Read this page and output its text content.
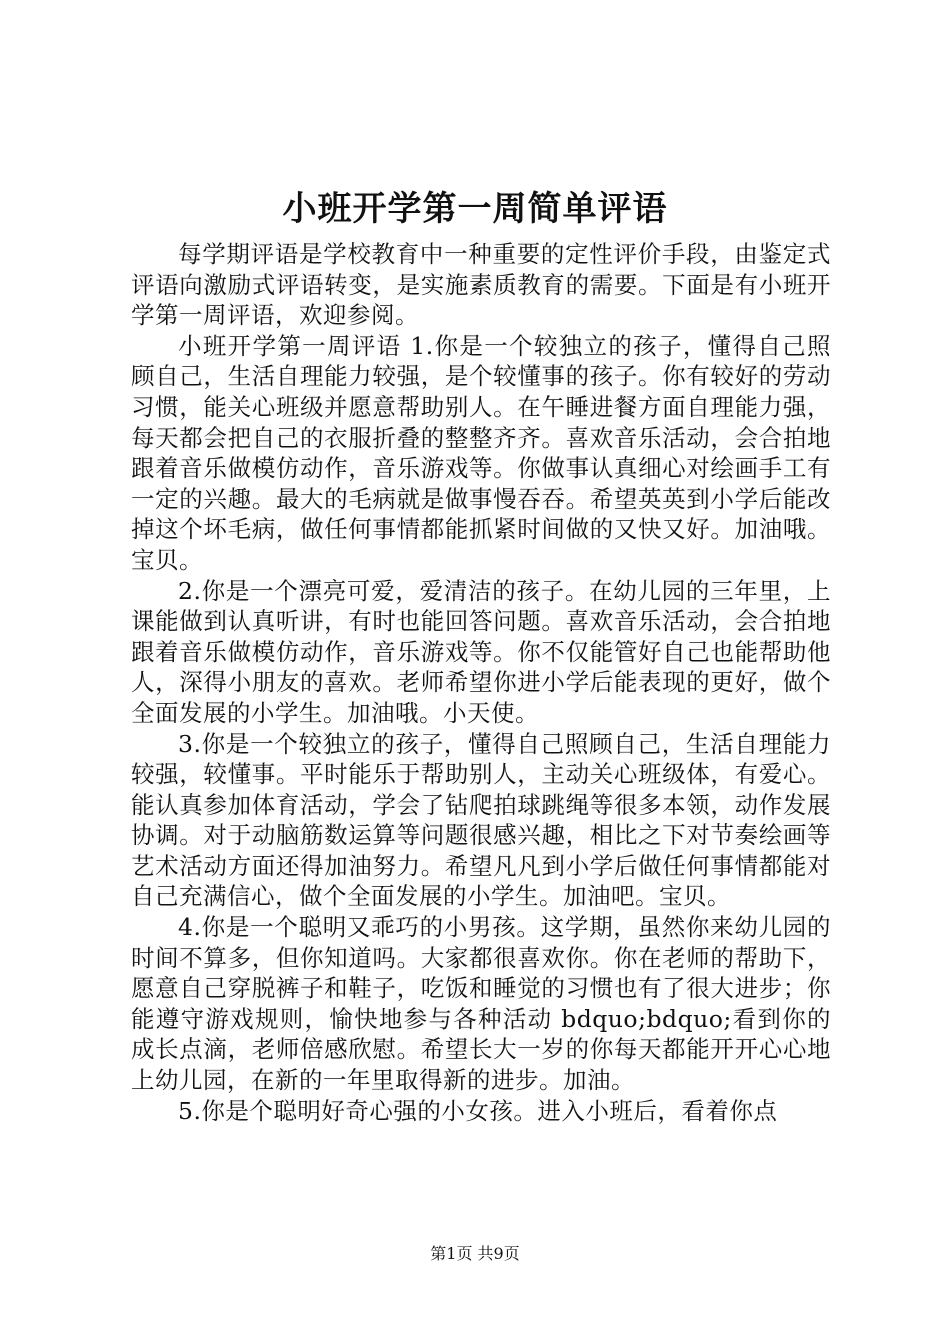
小班开学第一周简单评语

每学期评语是学校教育中一种重要的定性评价手段，由鉴定式评语向激励式评语转变，是实施素质教育的需要。下面是有小班开学第一周评语，欢迎参阅。

小班开学第一周评语 1.你是一个较独立的孩子，懂得自己照顾自己，生活自理能力较强，是个较懂事的孩子。你有较好的劳动习惯，能关心班级并愿意帮助别人。在午睡进餐方面自理能力强，每天都会把自己的衣服折叠的整整齐齐。喜欢音乐活动，会合拍地跟着音乐做模仿动作，音乐游戏等。你做事认真细心对绘画手工有一定的兴趣。最大的毛病就是做事慢吞吞。希望英英到小学后能改掉这个坏毛病，做任何事情都能抓紧时间做的又快又好。加油哦。宝贝。

2.你是一个漂亮可爱，爱清洁的孩子。在幼儿园的三年里，上课能做到认真听讲，有时也能回答问题。喜欢音乐活动，会合拍地跟着音乐做模仿动作，音乐游戏等。你不仅能管好自己也能帮助他人，深得小朋友的喜欢。老师希望你进小学后能表现的更好，做个全面发展的小学生。加油哦。小天使。

3.你是一个较独立的孩子，懂得自己照顾自己，生活自理能力较强，较懂事。平时能乐于帮助别人，主动关心班级体，有爱心。能认真参加体育活动，学会了钻爬拍球跳绳等很多本领，动作发展协调。对于动脑筋数运算等问题很感兴趣，相比之下对节奏绘画等艺术活动方面还得加油努力。希望凡凡到小学后做任何事情都能对自己充满信心，做个全面发展的小学生。加油吧。宝贝。

4.你是一个聪明又乖巧的小男孩。这学期，虽然你来幼儿园的时间不算多，但你知道吗。大家都很喜欢你。你在老师的帮助下，愿意自己穿脱裤子和鞋子，吃饭和睡觉的习惯也有了很大进步；你能遵守游戏规则，愉快地参与各种活动 bdquo;bdquo;看到你的成长点滴，老师倍感欣慰。希望长大一岁的你每天都能开开心心地上幼儿园，在新的一年里取得新的进步。加油。

5.你是个聪明好奇心强的小女孩。进入小班后，看着你点

第1页 共9页
